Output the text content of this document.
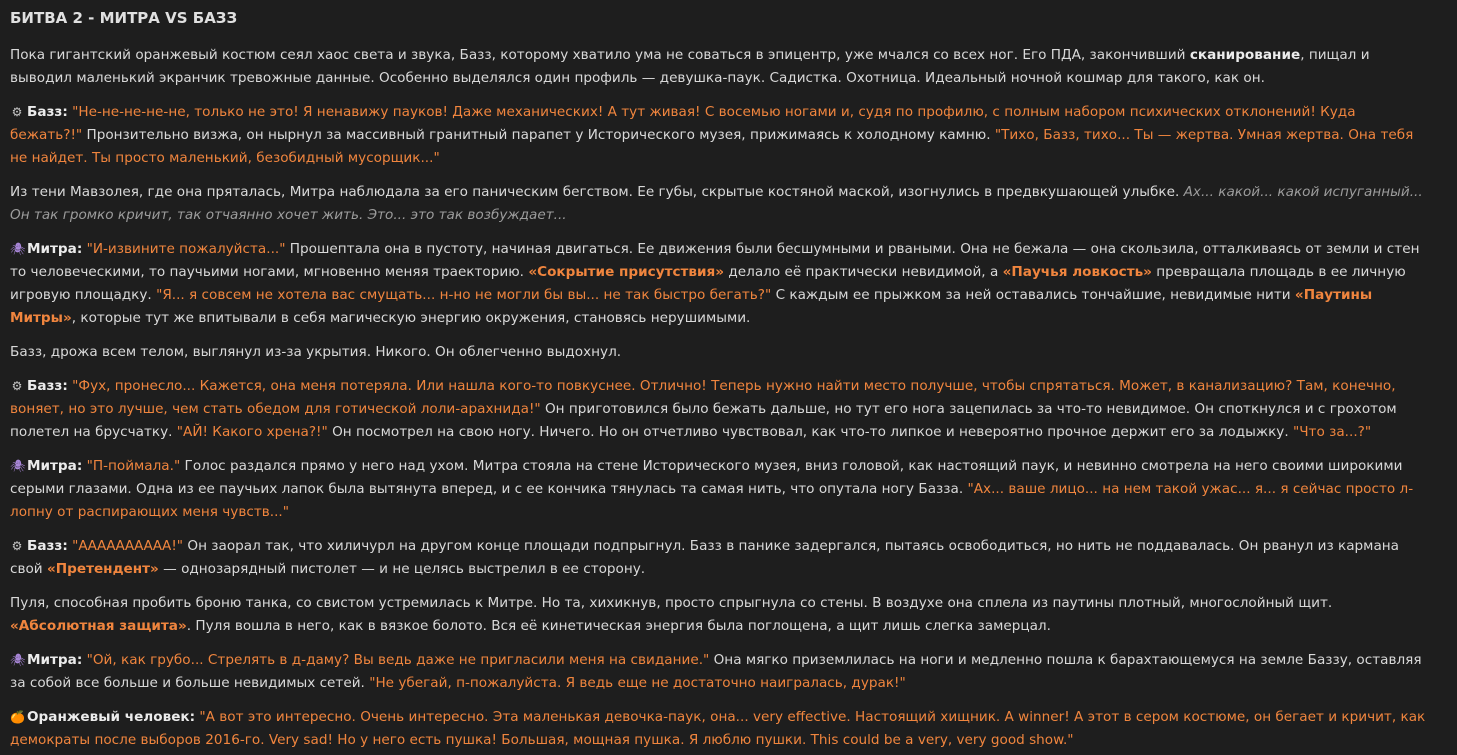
БИТВА 2 - МИТРА VS БАЗЗ

Пока гигантский оранжевый костюм сеял хаос света и звука, Базз, которому хватило ума не соваться в эпицентр, уже мчался со всех ног. Его ПДА, закончивший сканирование, пищал и выводил маленький экранчик тревожные данные. Особенно выделялся один профиль — девушка-паук. Садистка. Охотница. Идеальный ночной кошмар для такого, как он.

⚙ Базз: "Не-не-не-не-не, только не это! Я ненавижу пауков! Даже механических! А тут живая! С восемью ногами и, судя по профилю, с полным набором психических отклонений! Куда бежать?!" Пронзительно визжа, он нырнул за массивный гранитный парапет у Исторического музея, прижимаясь к холодному камню. "Тихо, Базз, тихо... Ты — жертва. Умная жертва. Она тебя не найдет. Ты просто маленький, безобидный мусорщик..."

Из тени Мавзолея, где она пряталась, Митра наблюдала за его паническим бегством. Ее губы, скрытые костяной маской, изогнулись в предвкушающей улыбке. Ах... какой... какой испуганный... Он так громко кричит, так отчаянно хочет жить. Это... это так возбуждает...

🕷 Митра: "И-извините пожалуйста..." Прошептала она в пустоту, начиная двигаться. Ее движения были бесшумными и рваными. Она не бежала — она скользила, отталкиваясь от земли и стен то человеческими, то паучьими ногами, мгновенно меняя траекторию. «Сокрытие присутствия» делало её практически невидимой, а «Паучья ловкость» превращала площадь в ее личную игровую площадку. "Я... я совсем не хотела вас смущать... н-но не могли бы вы... не так быстро бегать?" С каждым ее прыжком за ней оставались тончайшие, невидимые нити «Паутины Митры», которые тут же впитывали в себя магическую энергию окружения, становясь нерушимыми.

Базз, дрожа всем телом, выглянул из-за укрытия. Никого. Он облегченно выдохнул.

⚙ Базз: "Фух, пронесло... Кажется, она меня потеряла. Или нашла кого-то повкуснее. Отлично! Теперь нужно найти место получше, чтобы спрятаться. Может, в канализацию? Там, конечно, воняет, но это лучше, чем стать обедом для готической лоли-арахнида!" Он приготовился было бежать дальше, но тут его нога зацепилась за что-то невидимое. Он споткнулся и с грохотом полетел на брусчатку. "АЙ! Какого хрена?!" Он посмотрел на свою ногу. Ничего. Но он отчетливо чувствовал, как что-то липкое и невероятно прочное держит его за лодыжку. "Что за...?"

🕷 Митра: "П-поймала." Голос раздался прямо у него над ухом. Митра стояла на стене Исторического музея, вниз головой, как настоящий паук, и невинно смотрела на него своими широкими серыми глазами. Одна из ее паучьих лапок была вытянута вперед, и с ее кончика тянулась та самая нить, что опутала ногу Базза. "Ах... ваше лицо... на нем такой ужас... я... я сейчас просто л-лопну от распирающих меня чувств..."

⚙ Базз: "АААААААААА!" Он заорал так, что хиличурл на другом конце площади подпрыгнул. Базз в панике задергался, пытаясь освободиться, но нить не поддавалась. Он рванул из кармана свой «Претендент» — однозарядный пистолет — и не целясь выстрелил в ее сторону.

Пуля, способная пробить броню танка, со свистом устремилась к Митре. Но та, хихикнув, просто спрыгнула со стены. В воздухе она сплела из паутины плотный, многослойный щит. «Абсолютная защита». Пуля вошла в него, как в вязкое болото. Вся её кинетическая энергия была поглощена, а щит лишь слегка замерцал.

🕷 Митра: "Ой, как грубо... Стрелять в д-даму? Вы ведь даже не пригласили меня на свидание." Она мягко приземлилась на ноги и медленно пошла к барахтающемуся на земле Баззу, оставляя за собой все больше и больше невидимых сетей. "Не убегай, п-пожалуйста. Я ведь еще не достаточно наигралась, дурак!"

🍊 Оранжевый человек: "А вот это интересно. Очень интересно. Эта маленькая девочка-паук, она... very effective. Настоящий хищник. A winner! А этот в сером костюме, он бегает и кричит, как демократы после выборов 2016-го. Very sad! Но у него есть пушка! Большая, мощная пушка. Я люблю пушки. This could be a very, very good show."
